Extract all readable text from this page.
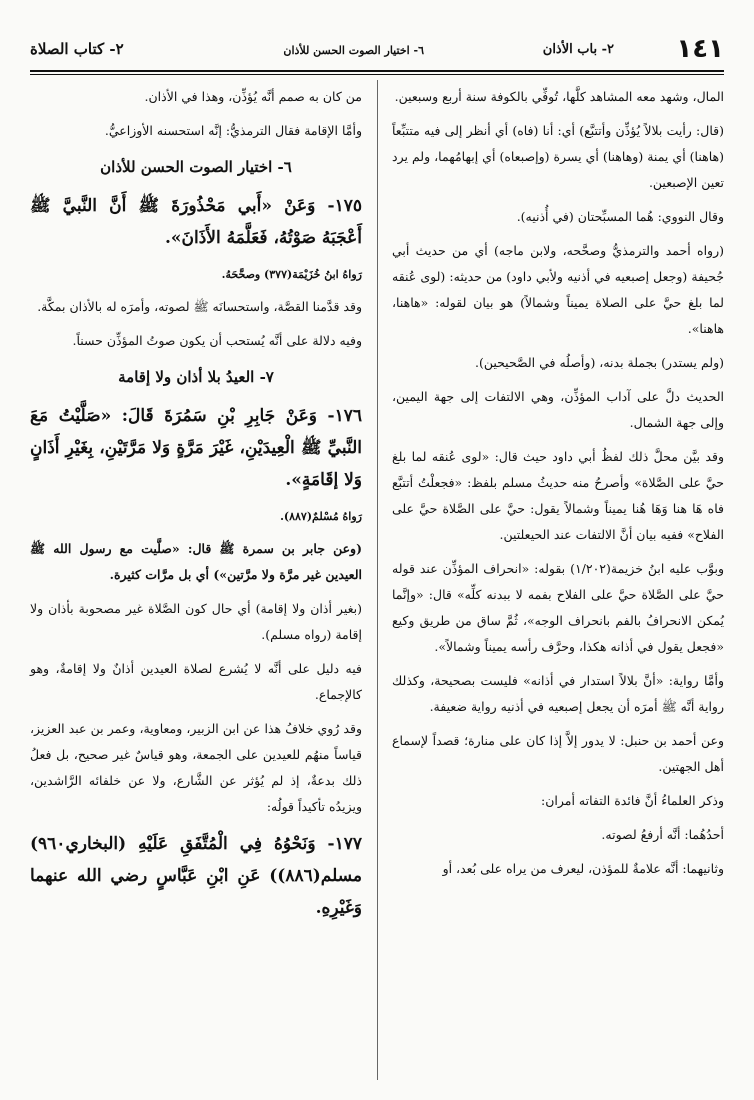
١٤١
٢- باب الأذان
٦- اختيار الصوت الحسن للأذان
٢- كتاب الصلاة

المال، وشهد معه المشاهد كلَّها، تُوفِّي بالكوفة سنة أربع وسبعين.

(قال: رأيت بلالاً يُؤذِّن وأتتبَّع) أي: أنا (فاه) أي أنظر إلى فيه متتبِّعاً (هاهنا) أي يمنة (وهاهنا) أي يسرة (وإصبعاه) أي إبهامُهما، ولم يرد تعين الإصبعين.

وقال النووي: هُما المسبِّحتان (في أُذنيه).

(رواه أحمد والترمذيُّ وصحَّحه، ولابن ماجه) أي من حديث أبي جُحيفة (وجعل إصبعيه في أذنيه ولأبي داود) من حديثه: (لوى عُنقه لما بلغ حيَّ على الصلاة يميناً وشمالاً) هو بيان لقوله: «هاهنا، هاهنا».

(ولم يستدر) بجملة بدنه، (وأصلُه في الصَّحيحين).

الحديث دلَّ على آداب المؤذِّن، وهي الالتفات إلى جهة اليمين، وإلى جهة الشمال.

وقد بيَّن محلَّ ذلك لفظُ أبي داود حيث قال: «لوى عُنقه لما بلغ حيَّ على الصَّلاة» وأصرحُ منه حديثُ مسلم بلفظ: «فجعلْتُ أتتبَّع فاه هَا هنا وَهَا هُنا يميناً وشمالاً يقول: حيَّ على الصَّلاة حيَّ على الفلاح» ففيه بيان أنَّ الالتفات عند الحيعلتين.

وبوَّب عليه ابنُ خزيمة(١/٢٠٢) بقوله: «انحراف المؤذِّن عند قوله حيَّ على الصَّلاة حيَّ على الفلاح بفمه لا ببدنه كلِّه» قال: «وإنَّما يُمكن الانحرافُ بالفم بانحراف الوجه»، ثُمَّ ساق من طريق وكيع «فجعل يقول في أذانه هكذا، وحرَّف رأسه يميناً وشمالاً».

وأمَّا رواية: «أنَّ بلالاً استدار في أذانه» فليست بصحيحة، وكذلك رواية أنَّه ﷺ أمرَه أن يجعل إصبعيه في أذنيه رواية ضعيفة.

وعن أحمد بن حنبل: لا يدور إلاَّ إذا كان على منارة؛ قصداً لإسماع أهل الجهتين.

وذكر العلماءُ أنَّ فائدة التفاته أمران:

أحدُهُما: أنَّه أرفعُ لصوته.

وثانيهما: أنَّه علامةٌ للمؤذن، ليعرف من يراه على بُعد، أو

من كان به صمم أنَّه يُؤذِّن، وهذا في الأذان.

وأمَّا الإقامة فقال الترمذيُّ: إنَّه استحسنه الأوزاعيُّ.

٦- اختيار الصوت الحسن للأذان

١٧٥- وَعَنْ «أَبي مَحْذُورَةَ ﷺ أَنَّ النَّبيَّ ﷺ أَعْجَبَهُ صَوْتُهُ، فَعَلَّمَهُ الأَذَانَ».

رَواهُ ابنُ خُزَيْمَة(٣٧٧) وصحَّحَهُ.

وقد قدَّمنا القصَّة، واستحسانَه ﷺ لصوته، وأمرَه له بالأذان بمكَّة.

وفيه دلالة على أنَّه يُستحب أن يكون صوتُ المؤذِّن حسناً.

٧- العيدُ بلا أذان ولا إقامة

١٧٦- وَعَنْ جَابِرِ بْنِ سَمُرَةَ قَالَ: «صَلَّيْتُ مَعَ النَّبيِّ ﷺ الْعِيدَيْنِ، غَيْرَ مَرَّةٍ وَلا مَرَّتَيْنِ، بِغَيْرِ أَذَانٍ وَلا إقَامَةٍ».

رَواهُ مُسْلمٌ(٨٨٧).

(وعن جابر بن سمرة ﷺ قال: «صلَّيت مع رسول الله ﷺ العيدين غير مرَّة ولا مرَّتين») أي بل مرَّات كثيرة.

(بغير أذان ولا إقامة) أي حال كون الصَّلاة غير مصحوبة بأذان ولا إقامة (رواه مسلم).

فيه دليل على أنَّه لا يُشرع لصلاة العيدين أذانٌ ولا إقامةٌ، وهو كالإجماع.

وقد رُوي خلافُ هذا عن ابن الزبير، ومعاوية، وعمر بن عبد العزيز، قياساً منهُم للعيدين على الجمعة، وهو قياسٌ غير صحيح، بل فعلُ ذلك بدعةٌ، إذ لم يُؤثر عن الشَّارع، ولا عن خلفائه الرَّاشدين، ويزيدُه تأكيداً قولُه:

١٧٧- وَنَحْوُهُ فِي الْمُتَّفَقِ عَلَيْهِ (البخاري٩٦٠) مسلم(٨٨٦)) عَنِ ابْنِ عَبَّاسٍ رضي الله عنهما وَغَيْرِهِ.
